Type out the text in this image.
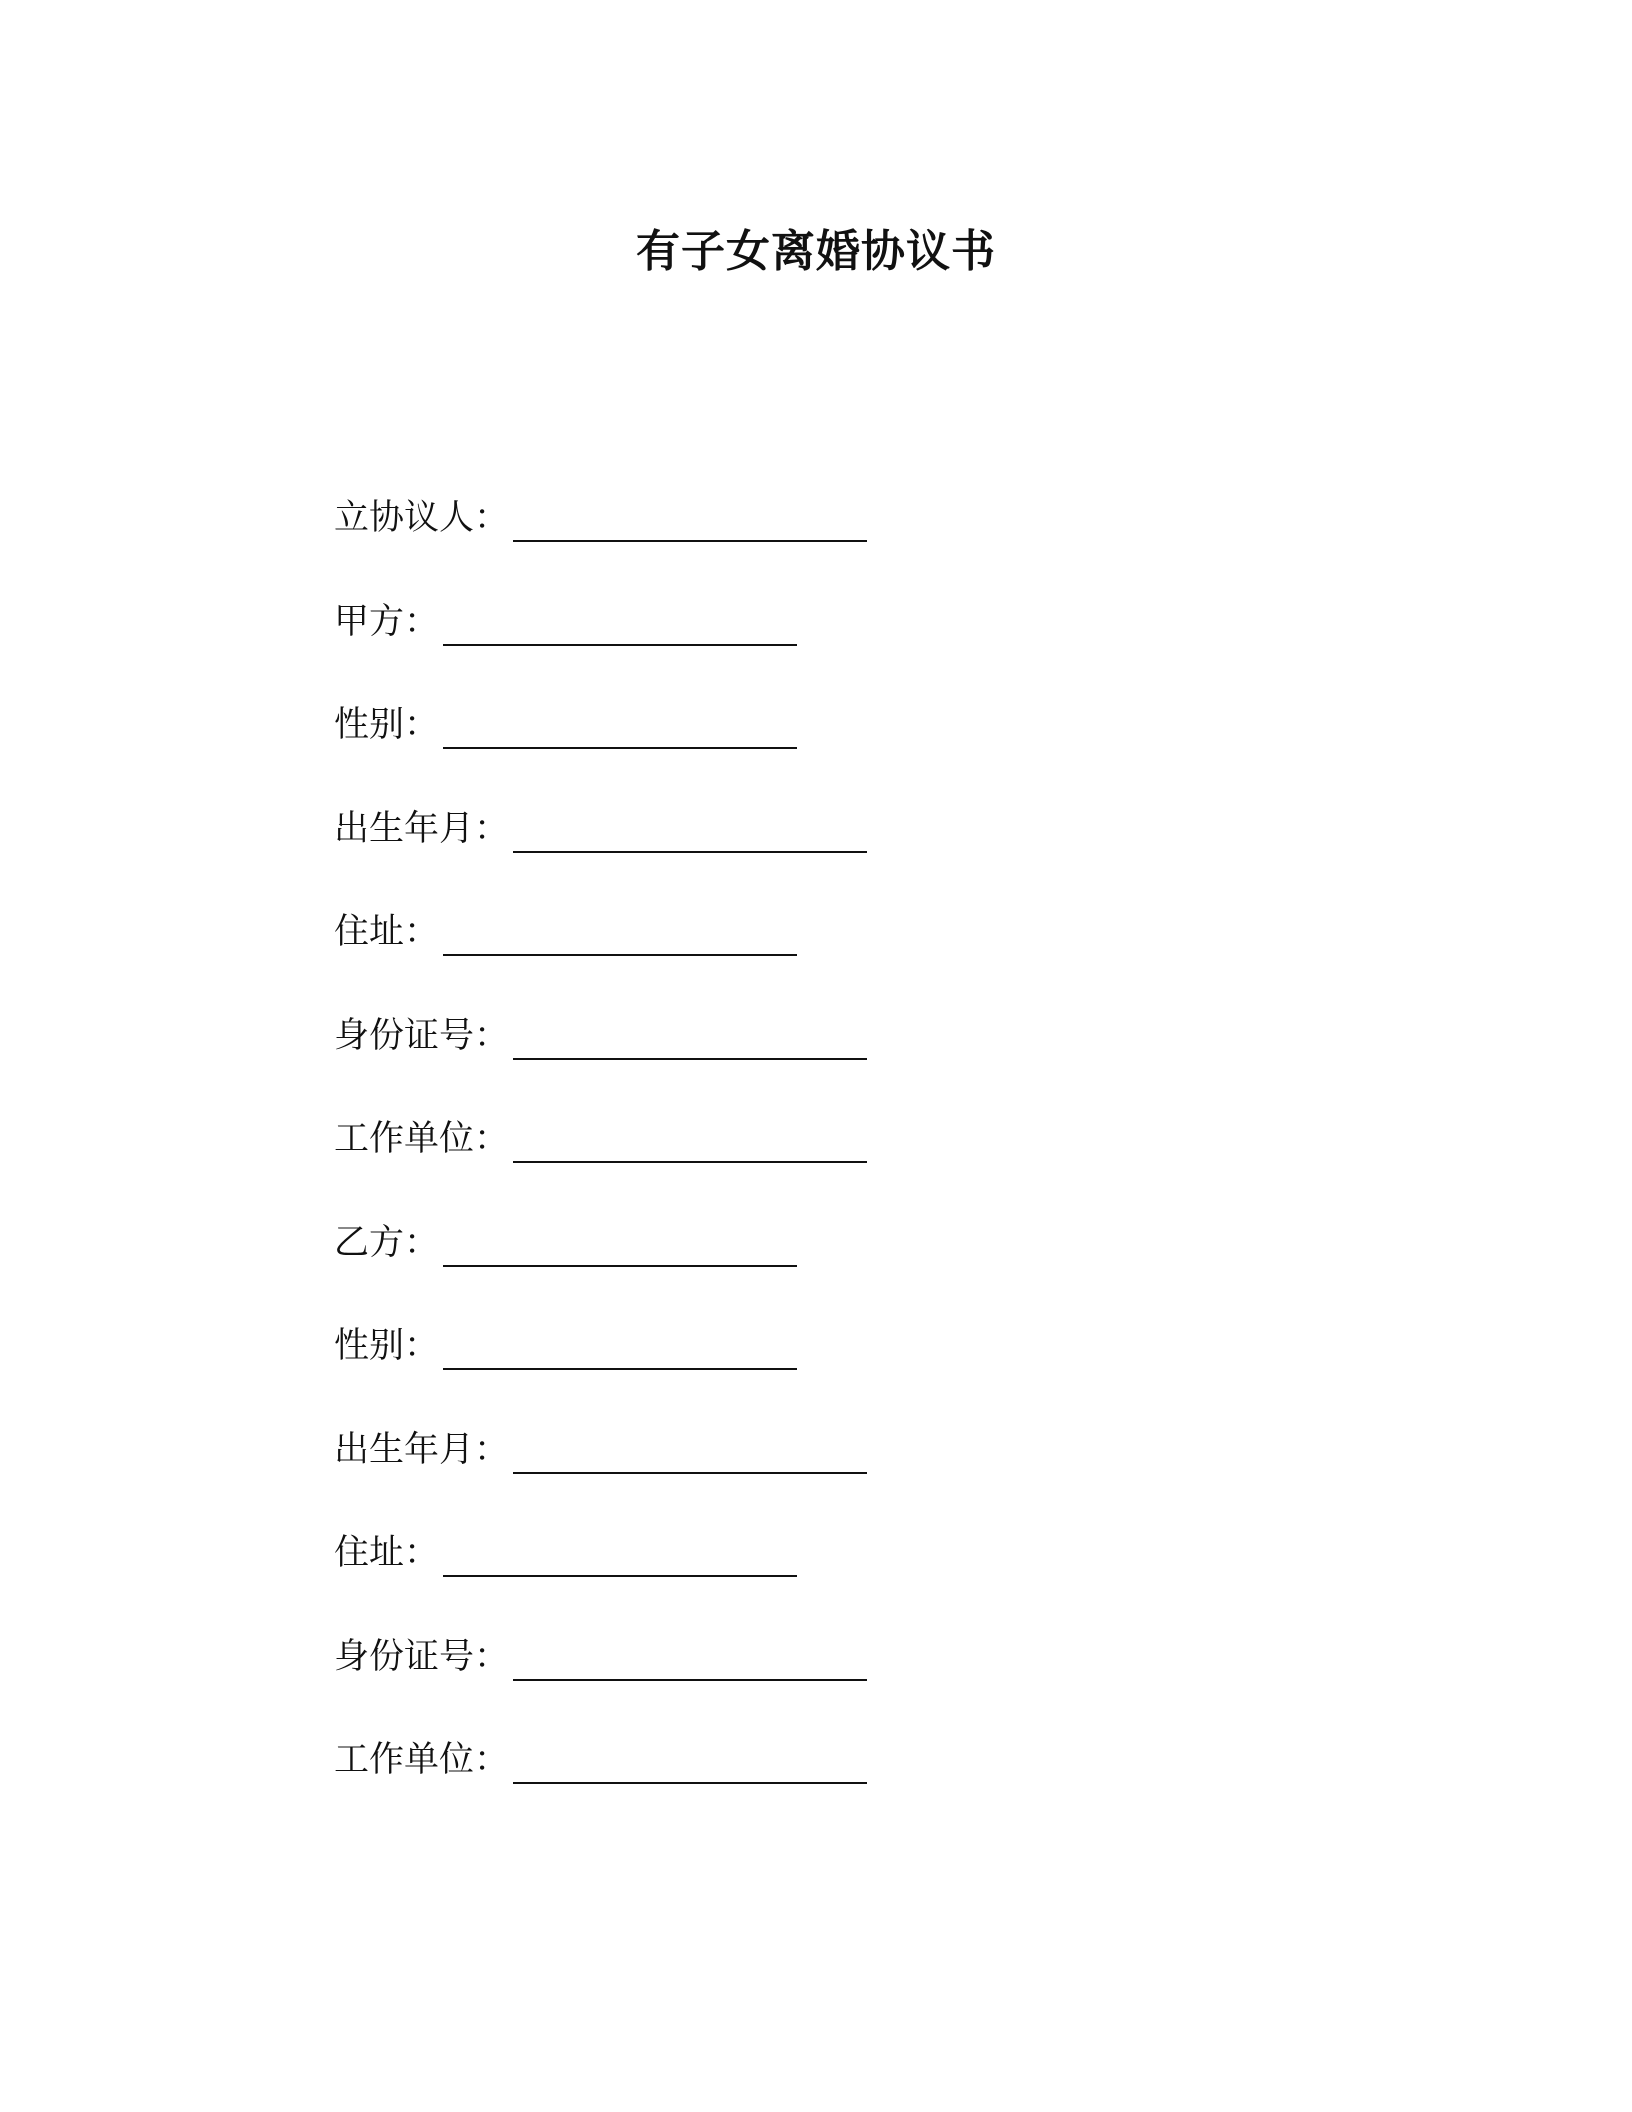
有子女离婚协议书
立协议人：
甲方：
性别：
出生年月：
住址：
身份证号：
工作单位：
乙方：
性别：
出生年月：
住址：
身份证号：
工作单位：
